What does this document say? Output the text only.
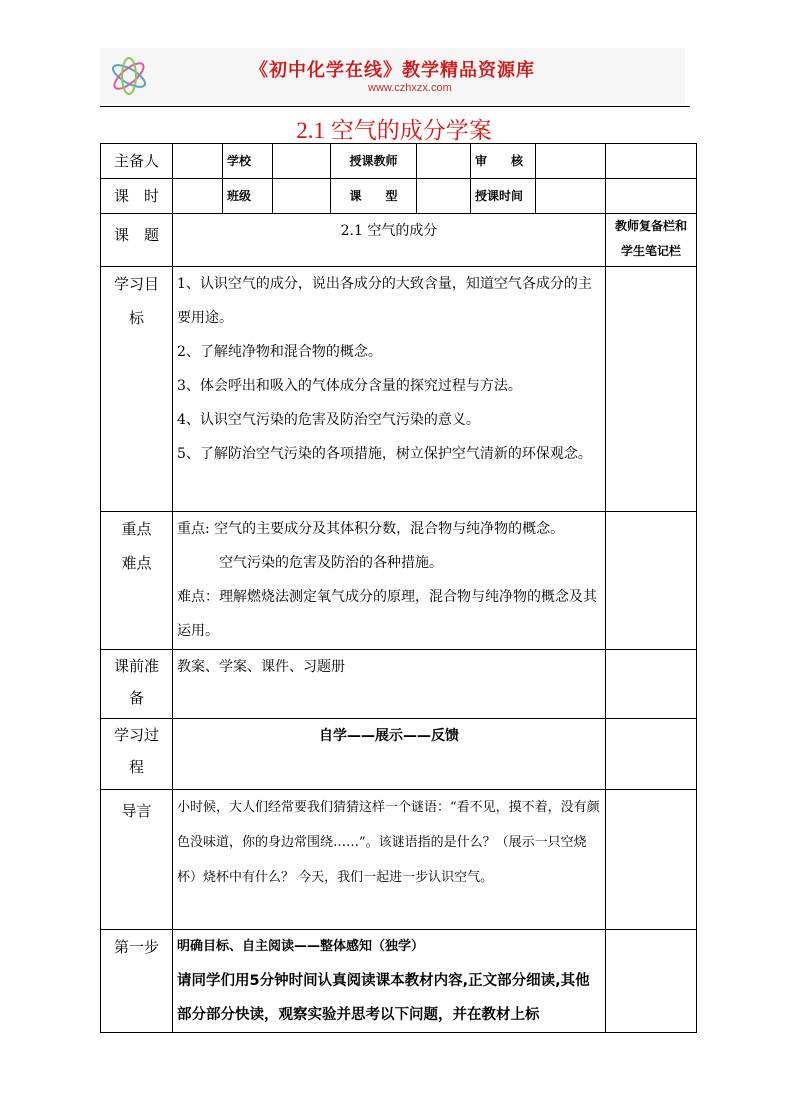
《初中化学在线》教学精品资源库
www.czhxzx.com
2.1 空气的成分学案
主备人		学校		授课教师		审　　核		
课　时		班级		课　　型		授课时间		
课　题	2.1 空气的成分							教师复备栏和学生笔记栏
学习目标	1、认识空气的成分，说出各成分的大致含量，知道空气各成分的主要用途。

2、了解纯净物和混合物的概念。

3、体会呼出和吸入的气体成分含量的探究过程与方法。

4、认识空气污染的危害及防治空气污染的意义。

5、了解防治空气污染的各项措施，树立保护空气清新的环保观念。							

重点难点	重点: 空气的主要成分及其体积分数，混合物与纯净物的概念。

　　　空气污染的危害及防治的各种措施。

难点：理解燃烧法测定氧气成分的原理，混合物与纯净物的概念及其运用。							

课前准备	教案、学案、课件、习题册							
学习过程	自学——展示——反馈							
导言	小时候，大人们经常要我们猜猜这样一个谜语：“看不见，摸不着，没有颜色没味道，你的身边常围绕……”。该谜语指的是什么？（展示一只空烧杯）烧杯中有什么？ 今天，我们一起进一步认识空气。							
第一步	明确目标、自主阅读——整体感知（独学）

请同学们用5分钟时间认真阅读课本教材内容,正文部分细读,其他部分部分快读，观察实验并思考以下问题，并在教材上标							
